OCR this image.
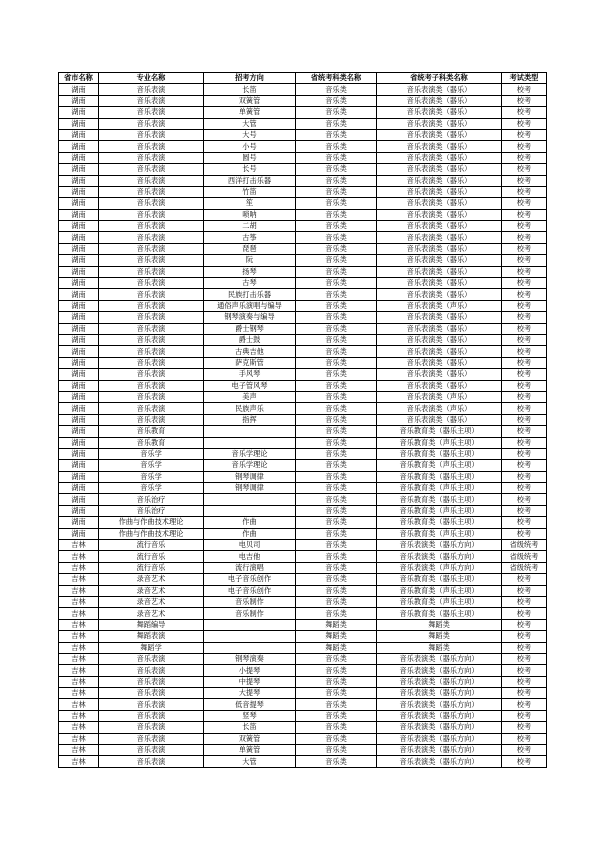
省市名称	专业名称	招考方向	省统考科类名称	省统考子科类名称	考试类型
湖南	音乐表演	长笛	音乐类	音乐表演类（器乐）	校考
湖南	音乐表演	双簧管	音乐类	音乐表演类（器乐）	校考
湖南	音乐表演	单簧管	音乐类	音乐表演类（器乐）	校考
湖南	音乐表演	大管	音乐类	音乐表演类（器乐）	校考
湖南	音乐表演	大号	音乐类	音乐表演类（器乐）	校考
湖南	音乐表演	小号	音乐类	音乐表演类（器乐）	校考
湖南	音乐表演	圆号	音乐类	音乐表演类（器乐）	校考
湖南	音乐表演	长号	音乐类	音乐表演类（器乐）	校考
湖南	音乐表演	西洋打击乐器	音乐类	音乐表演类（器乐）	校考
湖南	音乐表演	竹笛	音乐类	音乐表演类（器乐）	校考
湖南	音乐表演	笙	音乐类	音乐表演类（器乐）	校考
湖南	音乐表演	唢呐	音乐类	音乐表演类（器乐）	校考
湖南	音乐表演	二胡	音乐类	音乐表演类（器乐）	校考
湖南	音乐表演	古筝	音乐类	音乐表演类（器乐）	校考
湖南	音乐表演	琵琶	音乐类	音乐表演类（器乐）	校考
湖南	音乐表演	阮	音乐类	音乐表演类（器乐）	校考
湖南	音乐表演	扬琴	音乐类	音乐表演类（器乐）	校考
湖南	音乐表演	古琴	音乐类	音乐表演类（器乐）	校考
湖南	音乐表演	民族打击乐器	音乐类	音乐表演类（器乐）	校考
湖南	音乐表演	通俗声乐演唱与编导	音乐类	音乐表演类（声乐）	校考
湖南	音乐表演	钢琴演奏与编导	音乐类	音乐表演类（器乐）	校考
湖南	音乐表演	爵士钢琴	音乐类	音乐表演类（器乐）	校考
湖南	音乐表演	爵士鼓	音乐类	音乐表演类（器乐）	校考
湖南	音乐表演	古典吉他	音乐类	音乐表演类（器乐）	校考
湖南	音乐表演	萨克斯管	音乐类	音乐表演类（器乐）	校考
湖南	音乐表演	手风琴	音乐类	音乐表演类（器乐）	校考
湖南	音乐表演	电子管风琴	音乐类	音乐表演类（器乐）	校考
湖南	音乐表演	美声	音乐类	音乐表演类（声乐）	校考
湖南	音乐表演	民族声乐	音乐类	音乐表演类（声乐）	校考
湖南	音乐表演	指挥	音乐类	音乐表演类（器乐）	校考
湖南	音乐教育		音乐类	音乐教育类（器乐主项）	校考
湖南	音乐教育		音乐类	音乐教育类（声乐主项）	校考
湖南	音乐学	音乐学理论	音乐类	音乐教育类（器乐主项）	校考
湖南	音乐学	音乐学理论	音乐类	音乐教育类（声乐主项）	校考
湖南	音乐学	钢琴调律	音乐类	音乐教育类（器乐主项）	校考
湖南	音乐学	钢琴调律	音乐类	音乐教育类（声乐主项）	校考
湖南	音乐治疗		音乐类	音乐教育类（器乐主项）	校考
湖南	音乐治疗		音乐类	音乐教育类（声乐主项）	校考
湖南	作曲与作曲技术理论	作曲	音乐类	音乐教育类（器乐主项）	校考
湖南	作曲与作曲技术理论	作曲	音乐类	音乐教育类（声乐主项）	校考
吉林	流行音乐	电贝司	音乐类	音乐表演类（器乐方向）	省级统考
吉林	流行音乐	电吉他	音乐类	音乐表演类（器乐方向）	省级统考
吉林	流行音乐	流行演唱	音乐类	音乐表演类（声乐方向）	省级统考
吉林	录音艺术	电子音乐创作	音乐类	音乐教育类（器乐主项）	校考
吉林	录音艺术	电子音乐创作	音乐类	音乐教育类（声乐主项）	校考
吉林	录音艺术	音乐制作	音乐类	音乐教育类（声乐主项）	校考
吉林	录音艺术	音乐制作	音乐类	音乐教育类（器乐主项）	校考
吉林	舞蹈编导		舞蹈类	舞蹈类	校考
吉林	舞蹈表演		舞蹈类	舞蹈类	校考
吉林	舞蹈学		舞蹈类	舞蹈类	校考
吉林	音乐表演	钢琴演奏	音乐类	音乐表演类（器乐方向）	校考
吉林	音乐表演	小提琴	音乐类	音乐表演类（器乐方向）	校考
吉林	音乐表演	中提琴	音乐类	音乐表演类（器乐方向）	校考
吉林	音乐表演	大提琴	音乐类	音乐表演类（器乐方向）	校考
吉林	音乐表演	低音提琴	音乐类	音乐表演类（器乐方向）	校考
吉林	音乐表演	竖琴	音乐类	音乐表演类（器乐方向）	校考
吉林	音乐表演	长笛	音乐类	音乐表演类（器乐方向）	校考
吉林	音乐表演	双簧管	音乐类	音乐表演类（器乐方向）	校考
吉林	音乐表演	单簧管	音乐类	音乐表演类（器乐方向）	校考
吉林	音乐表演	大管	音乐类	音乐表演类（器乐方向）	校考
